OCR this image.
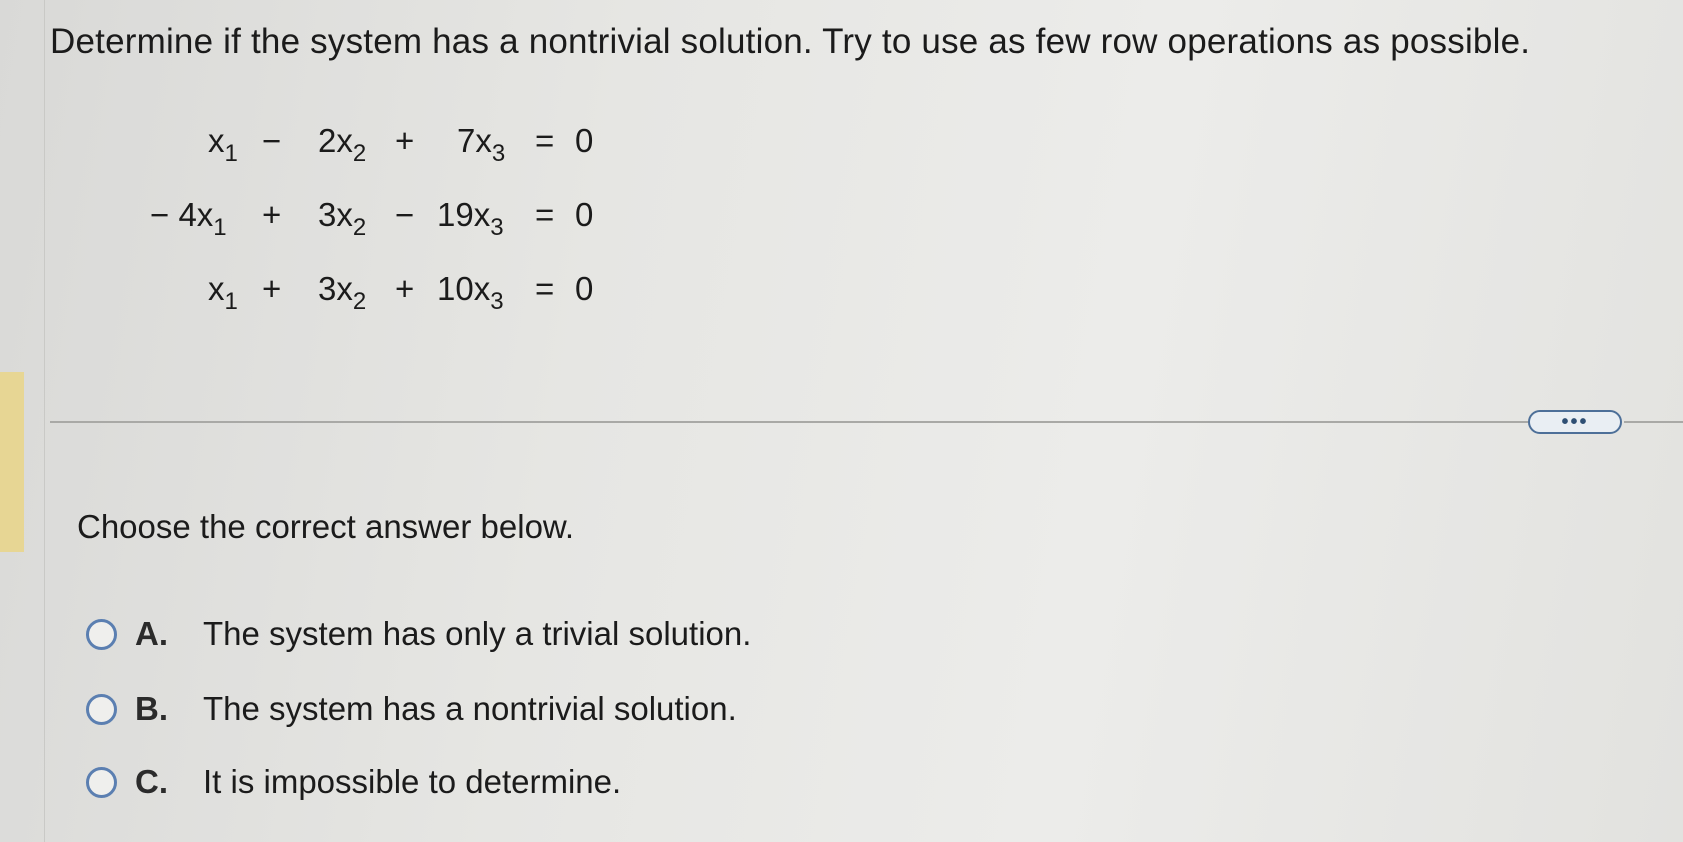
Determine if the system has a nontrivial solution. Try to use as few row operations as possible.
$x_1 - 2x_2 + 7x_3 = 0$
− $4x_1 + 3x_2 - 19x_3 = 0$
$x_1 + 3x_2 + 10x_3 = 0$
•••
Choose the correct answer below.
A.	The system has only a trivial solution.
B.	The system has a nontrivial solution.
C.	It is impossible to determine.
